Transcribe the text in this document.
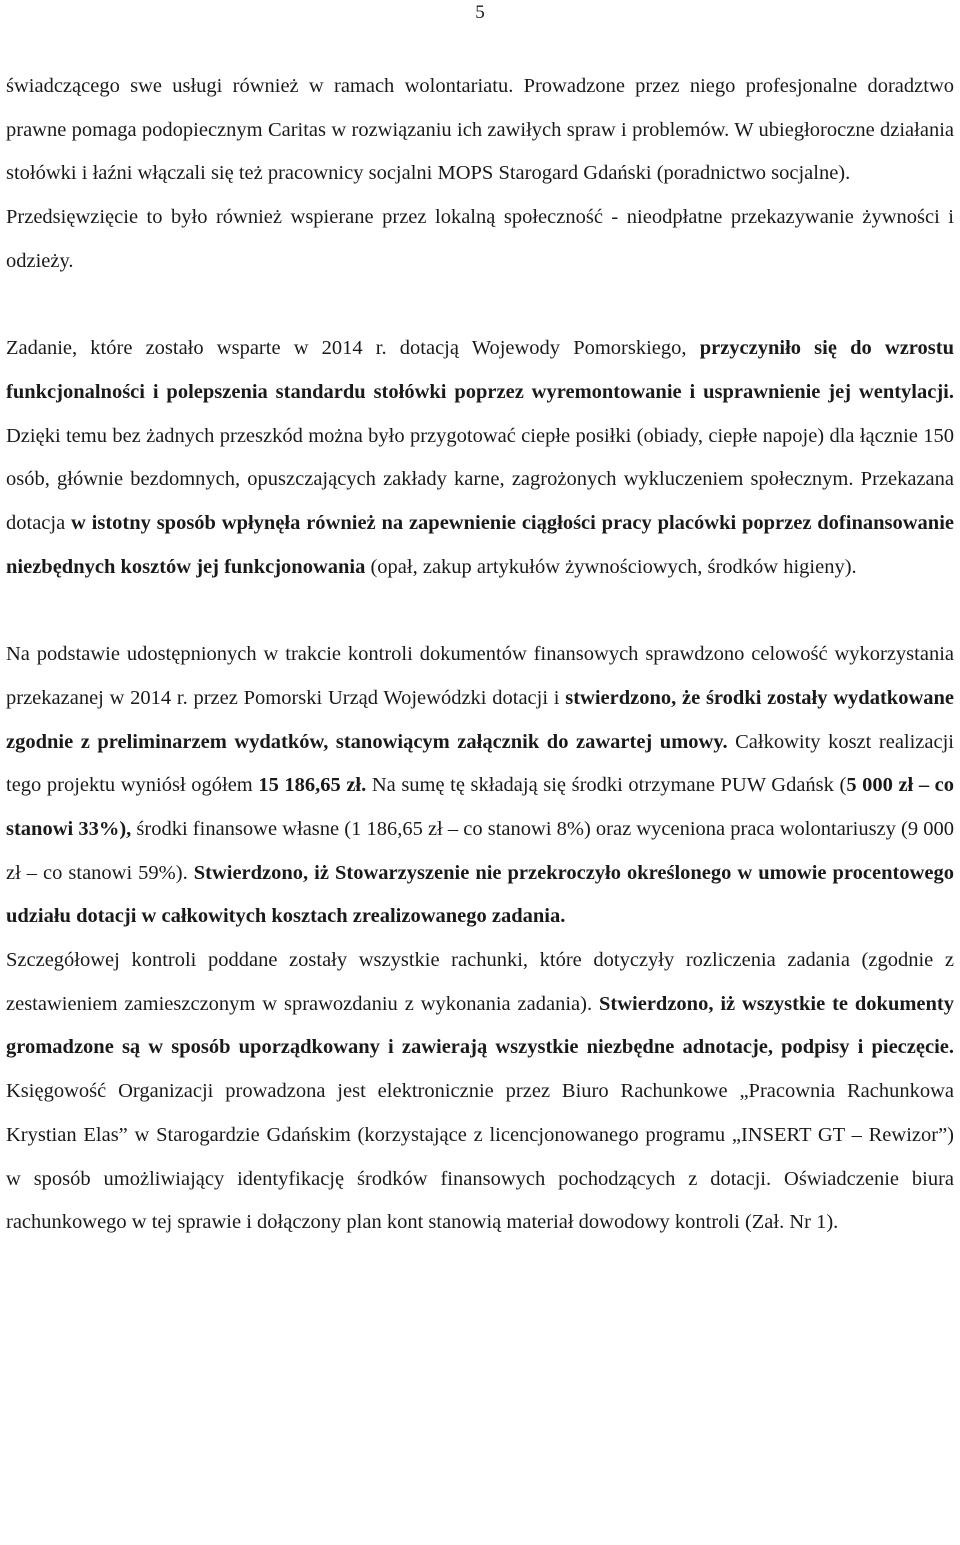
5

świadczącego swe usługi również w ramach wolontariatu. Prowadzone przez niego profesjonalne doradztwo prawne pomaga podopiecznym Caritas w rozwiązaniu ich zawiłych spraw i problemów. W ubiegłoroczne działania stołówki i łaźni włączali się też pracownicy socjalni MOPS Starogard Gdański (poradnictwo socjalne).

Przedsięwzięcie to było również wspierane przez lokalną społeczność - nieodpłatne przekazywanie żywności i odzieży.

Zadanie, które zostało wsparte w 2014 r. dotacją Wojewody Pomorskiego, przyczyniło się do wzrostu funkcjonalności i polepszenia standardu stołówki poprzez wyremontowanie i usprawnienie jej wentylacji. Dzięki temu bez żadnych przeszkód można było przygotować ciepłe posiłki (obiady, ciepłe napoje) dla łącznie 150 osób, głównie bezdomnych, opuszczających zakłady karne, zagrożonych wykluczeniem społecznym. Przekazana dotacja w istotny sposób wpłynęła również na zapewnienie ciągłości pracy placówki poprzez dofinansowanie niezbędnych kosztów jej funkcjonowania (opał, zakup artykułów żywnościowych, środków higieny).

Na podstawie udostępnionych w trakcie kontroli dokumentów finansowych sprawdzono celowość wykorzystania przekazanej w 2014 r. przez Pomorski Urząd Wojewódzki dotacji i stwierdzono, że środki zostały wydatkowane zgodnie z preliminarzem wydatków, stanowiącym załącznik do zawartej umowy. Całkowity koszt realizacji tego projektu wyniósł ogółem 15 186,65 zł. Na sumę tę składają się środki otrzymane PUW Gdańsk (5 000 zł – co stanowi 33%), środki finansowe własne (1 186,65 zł – co stanowi 8%) oraz wyceniona praca wolontariuszy (9 000 zł – co stanowi 59%). Stwierdzono, iż Stowarzyszenie nie przekroczyło określonego w umowie procentowego udziału dotacji w całkowitych kosztach zrealizowanego zadania.

Szczegółowej kontroli poddane zostały wszystkie rachunki, które dotyczyły rozliczenia zadania (zgodnie z zestawieniem zamieszczonym w sprawozdaniu z wykonania zadania). Stwierdzono, iż wszystkie te dokumenty gromadzone są w sposób uporządkowany i zawierają wszystkie niezbędne adnotacje, podpisy i pieczęcie. Księgowość Organizacji prowadzona jest elektronicznie przez Biuro Rachunkowe „Pracownia Rachunkowa Krystian Elas” w Starogardzie Gdańskim (korzystające z licencjonowanego programu „INSERT GT – Rewizor”) w sposób umożliwiający identyfikację środków finansowych pochodzących z dotacji. Oświadczenie biura rachunkowego w tej sprawie i dołączony plan kont stanowią materiał dowodowy kontroli (Zał. Nr 1).
